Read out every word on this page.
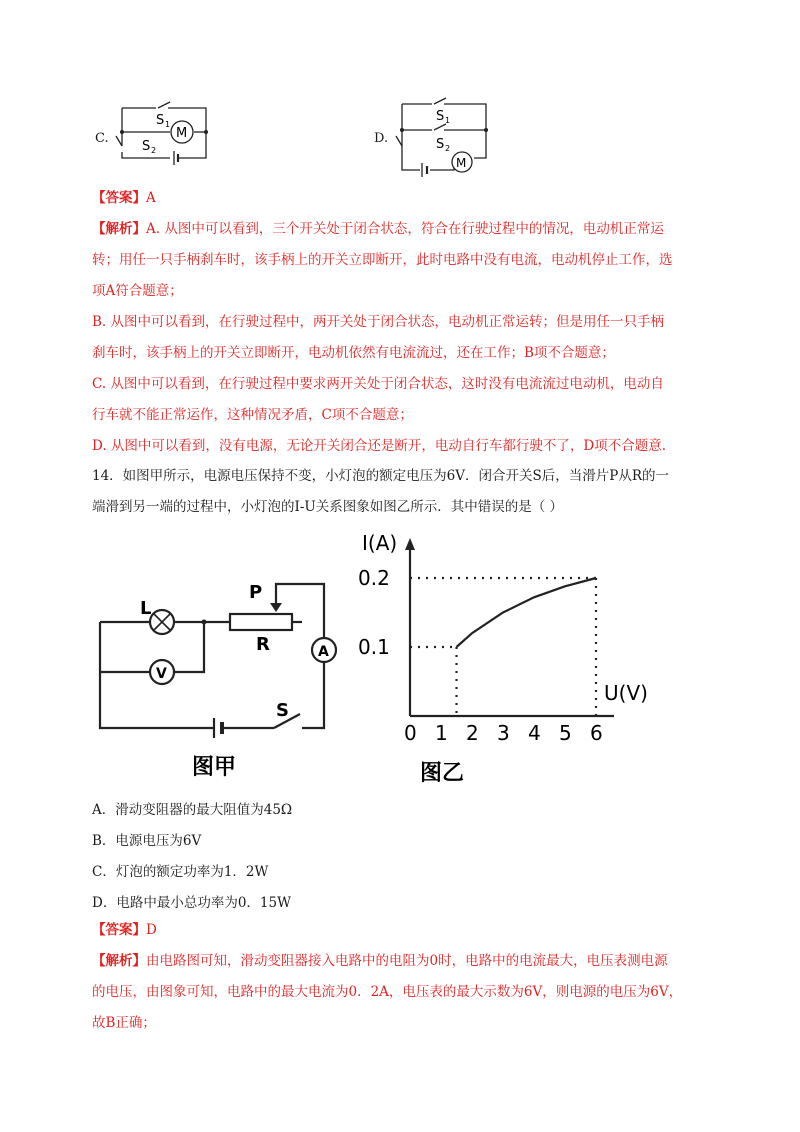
C.	M
S 1
S 2
D.
M
S 1
S 2
【答案】A
【解析】A. 从图中可以看到，三个开关处于闭合状态，符合在行驶过程中的情况，电动机正常运
转；用任一只手柄刹车时，该手柄上的开关立即断开，此时电路中没有电流，电动机停止工作，选
项A符合题意；
B. 从图中可以看到，在行驶过程中，两开关处于闭合状态，电动机正常运转；但是用任一只手柄
刹车时，该手柄上的开关立即断开，电动机依然有电流流过，还在工作；B项不合题意；
C. 从图中可以看到，在行驶过程中要求两开关处于闭合状态，这时没有电流流过电动机，电动自
行车就不能正常运作，这种情况矛盾，C项不合题意；
D. 从图中可以看到，没有电源，无论开关闭合还是断开，电动自行车都行驶不了，D项不合题意.
14．如图甲所示，电源电压保持不变，小灯泡的额定电压为6V．闭合开关S后，当滑片P从R的一
端滑到另一端的过程中，小灯泡的I-U关系图象如图乙所示．其中错误的是（ ）
L
P
R
V
A
S
图甲
I(A)
U(V)
0 1 2 3 4 5 6
0.1
0.2
图乙
A．滑动变阻器的最大阻值为45Ω
B．电源电压为6V
C．灯泡的额定功率为1．2W
D．电路中最小总功率为0．15W
【答案】D
【解析】由电路图可知，滑动变阻器接入电路中的电阻为0时，电路中的电流最大，电压表测电源
的电压，由图象可知，电路中的最大电流为0．2A，电压表的最大示数为6V，则电源的电压为6V，
故B正确；
